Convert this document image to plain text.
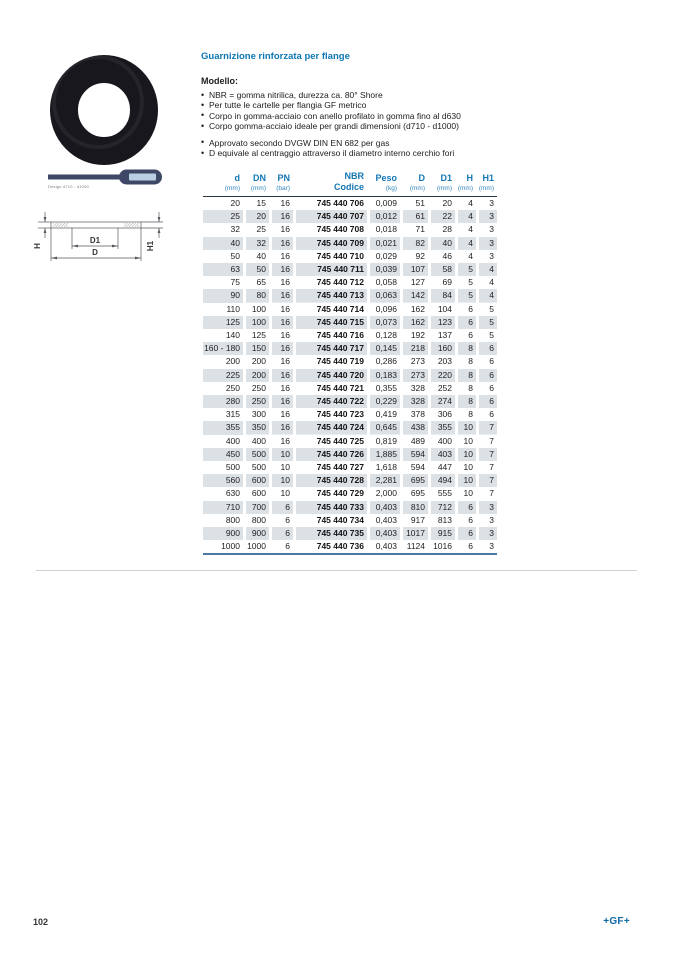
Design d710 - d1000
H	H1
D1
D
Guarnizione rinforzata per flange
Modello:
• NBR = gomma nitrilica, durezza ca. 80° Shore
• Per tutte le cartelle per flangia GF metrico
• Corpo in gomma-acciaio con anello profilato in gomma fino al d630
• Corpo gomma-acciaio ideale per grandi dimensioni (d710 - d1000)
• Approvato secondo DVGW DIN EN 682 per gas
• D equivale al centraggio attraverso il diametro interno cerchio fori
d
(mm)

DN
(mm)

PN
(bar)

NBR
Codice

Peso
(kg)

D
(mm)

D1
(mm)

H
(mm)

H1
(mm)

20	15	16	745 440 706	0,009	51	20	4	3
25	20	16	745 440 707	0,012	61	22	4	3
32	25	16	745 440 708	0,018	71	28	4	3
40	32	16	745 440 709	0,021	82	40	4	3
50	40	16	745 440 710	0,029	92	46	4	3
63	50	16	745 440 711	0,039	107	58	5	4
75	65	16	745 440 712	0,058	127	69	5	4
90	80	16	745 440 713	0,063	142	84	5	4
110	100	16	745 440 714	0,096	162	104	6	5
125	100	16	745 440 715	0,073	162	123	6	5
140	125	16	745 440 716	0,128	192	137	6	5
160 - 180	150	16	745 440 717	0,145	218	160	8	6
200	200	16	745 440 719	0,286	273	203	8	6
225	200	16	745 440 720	0,183	273	220	8	6
250	250	16	745 440 721	0,355	328	252	8	6
280	250	16	745 440 722	0,229	328	274	8	6
315	300	16	745 440 723	0,419	378	306	8	6
355	350	16	745 440 724	0,645	438	355	10	7
400	400	16	745 440 725	0,819	489	400	10	7
450	500	10	745 440 726	1,885	594	403	10	7
500	500	10	745 440 727	1,618	594	447	10	7
560	600	10	745 440 728	2,281	695	494	10	7
630	600	10	745 440 729	2,000	695	555	10	7
710	700	6	745 440 733	0,403	810	712	6	3
800	800	6	745 440 734	0,403	917	813	6	3
900	900	6	745 440 735	0,403	1017	915	6	3
1000	1000	6	745 440 736	0,403	1124	1016	6	3
102	+GF+
